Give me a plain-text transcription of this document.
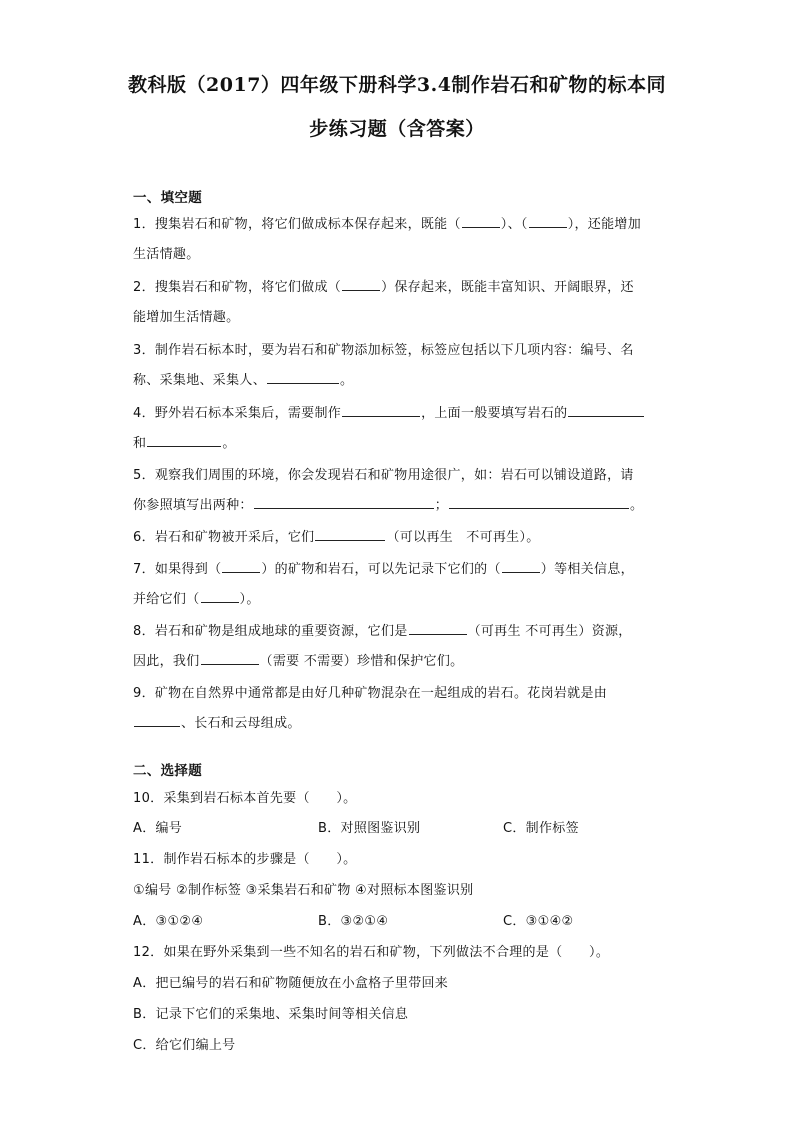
教科版（2017）四年级下册科学3.4制作岩石和矿物的标本同
步练习题（含答案）
一、填空题
1．搜集岩石和矿物，将它们做成标本保存起来，既能（	）、（	），还能增加
生活情趣。
2．搜集岩石和矿物，将它们做成（	）保存起来，既能丰富知识、开阔眼界，还
能增加生活情趣。
3．制作岩石标本时，要为岩石和矿物添加标签，标签应包括以下几项内容：编号、名
称、采集地、采集人、	。
4．野外岩石标本采集后，需要制作	，上面一般要填写岩石的
和	。
5．观察我们周围的环境，你会发现岩石和矿物用途很广，如：岩石可以铺设道路，请
你参照填写出两种：	；	。
6．岩石和矿物被开采后，它们	（可以再生　不可再生）。
7．如果得到（	）的矿物和岩石，可以先记录下它们的（	）等相关信息，
并给它们（	）。
8．岩石和矿物是组成地球的重要资源，它们是	（可再生 不可再生）资源，
因此，我们	（需要 不需要）珍惜和保护它们。
9．矿物在自然界中通常都是由好几种矿物混杂在一起组成的岩石。花岗岩就是由
、长石和云母组成。
二、选择题
10．采集到岩石标本首先要（　　）。
A．编号	B．对照图鉴识别	C．制作标签
11．制作岩石标本的步骤是（　　）。
①编号 ②制作标签 ③采集岩石和矿物 ④对照标本图鉴识别
A．③①②④	B．③②①④	C．③①④②
12．如果在野外采集到一些不知名的岩石和矿物，下列做法不合理的是（　　）。
A．把已编号的岩石和矿物随便放在小盒格子里带回来
B．记录下它们的采集地、采集时间等相关信息
C．给它们编上号
